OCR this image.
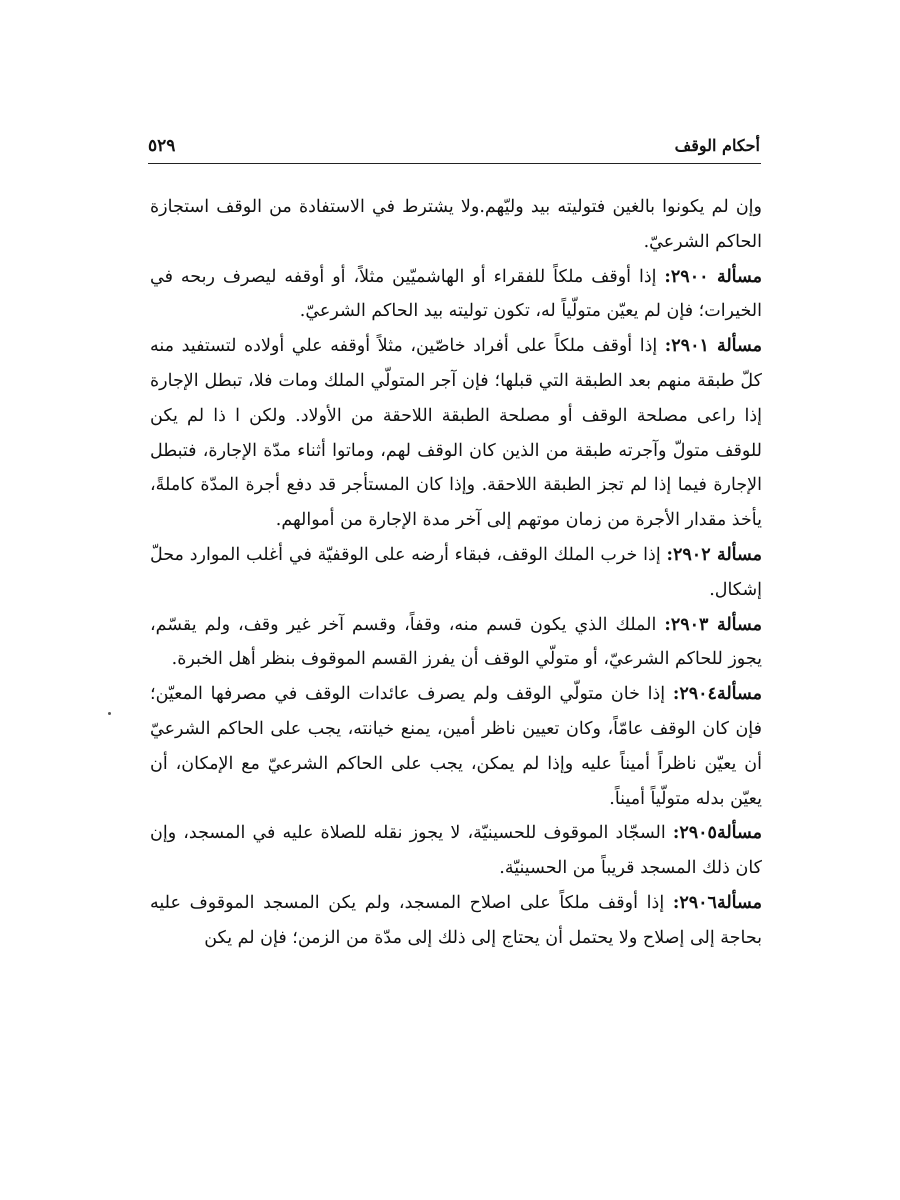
أحكام الوقف
٥٢٩

وإن لم يكونوا بالغين فتوليته بيد وليّهم.ولا يشترط في الاستفادة من الوقف استجازة الحاكم الشرعيّ.

مسألة ٢٩٠٠: إذا أوقف ملكاً للفقراء أو الهاشميّين مثلاً، أو أوقفه ليصرف ربحه في الخيرات؛ فإن لم يعيّن متولّياً له، تكون توليته بيد الحاكم الشرعيّ.

مسألة ٢٩٠١: إذا أوقف ملكاً على أفراد خاصّين، مثلاً أوقفه علي أولاده لتستفيد منه كلّ طبقة منهم بعد الطبقة التي قبلها؛ فإن آجر المتولّي الملك ومات فلا، تبطل الإجارة إذا راعى مصلحة الوقف أو مصلحة الطبقة اللاحقة من الأولاد. ولكن ا ذا لم يكن للوقف متولّ وآجرته طبقة من الذين كان الوقف لهم، وماتوا أثناء مدّة الإجارة، فتبطل الإجارة فيما إذا لم تجز الطبقة اللاحقة. وإذا كان المستأجر قد دفع أجرة المدّة كاملةً، يأخذ مقدار الأجرة من زمان موتهم إلى آخر مدة الإجارة من أموالهم.

مسألة ٢٩٠٢: إذا خرب الملك الوقف، فبقاء أرضه على الوقفيّة في أغلب الموارد محلّ إشكال.

مسألة ٢٩٠٣: الملك الذي يكون قسم منه، وقفاً، وقسم آخر غير وقف، ولم يقسّم، يجوز للحاكم الشرعيّ، أو متولّي الوقف أن يفرز القسم الموقوف بنظر أهل الخبرة.

مسألة٢٩٠٤: إذا خان متولّي الوقف ولم يصرف عائدات الوقف في مصرفها المعيّن؛ فإن كان الوقف عامّاً، وكان تعيين ناظر أمين، يمنع خيانته، يجب على الحاكم الشرعيّ أن يعيّن ناظراً أميناً عليه وإذا لم يمكن، يجب على الحاكم الشرعيّ مع الإمكان، أن يعيّن بدله متولّياً أميناً.

مسألة٢٩٠٥: السجّاد الموقوف للحسينيّة، لا يجوز نقله للصلاة عليه في المسجد، وإن كان ذلك المسجد قريباً من الحسينيّة.

مسألة٢٩٠٦: إذا أوقف ملكاً على اصلاح المسجد، ولم يكن المسجد الموقوف عليه بحاجة إلى إصلاح ولا يحتمل أن يحتاج إلى ذلك إلى مدّة من الزمن؛ فإن لم يكن
